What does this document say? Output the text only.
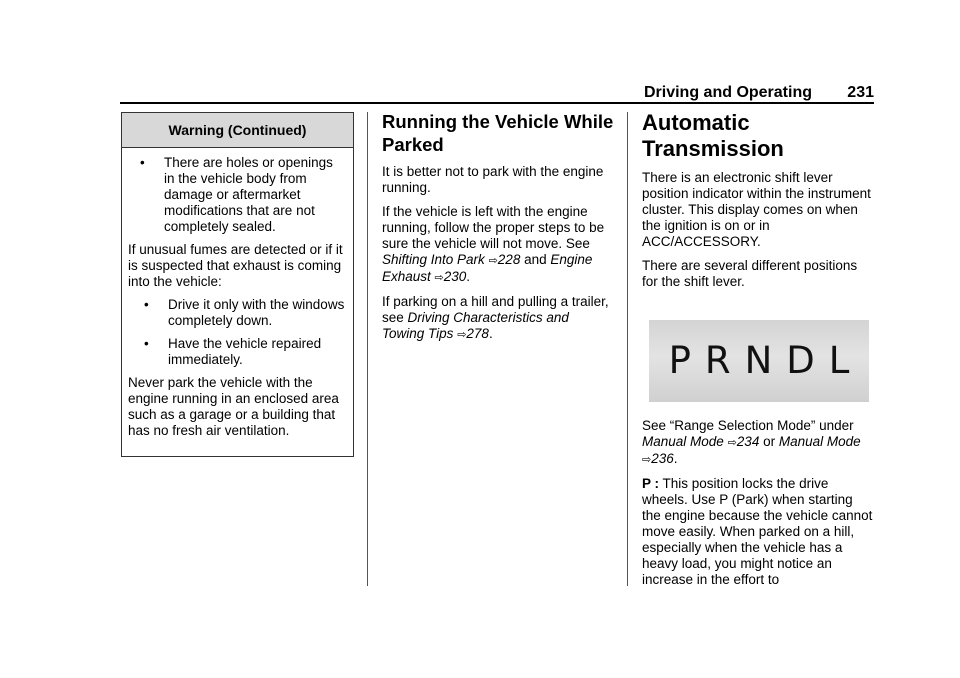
Driving and Operating 231
Warning (Continued)
• There are holes or openings in the vehicle body from damage or aftermarket modifications that are not completely sealed.

If unusual fumes are detected or if it is suspected that exhaust is coming into the vehicle:

• Drive it only with the windows completely down.
• Have the vehicle repaired immediately.

Never park the vehicle with the engine running in an enclosed area such as a garage or a building that has no fresh air ventilation.

Running the Vehicle While Parked

It is better not to park with the engine running.

If the vehicle is left with the engine running, follow the proper steps to be sure the vehicle will not move. See Shifting Into Park ⇨228 and Engine Exhaust ⇨230.

If parking on a hill and pulling a trailer, see Driving Characteristics and Towing Tips ⇨278.

Automatic Transmission

There is an electronic shift lever position indicator within the instrument cluster. This display comes on when the ignition is on or in ACC/ACCESSORY.

There are several different positions for the shift lever.

PRNDL

See “Range Selection Mode” under Manual Mode ⇨234 or Manual Mode ⇨236.

P : This position locks the drive wheels. Use P (Park) when starting the engine because the vehicle cannot move easily. When parked on a hill, especially when the vehicle has a heavy load, you might notice an increase in the effort to
